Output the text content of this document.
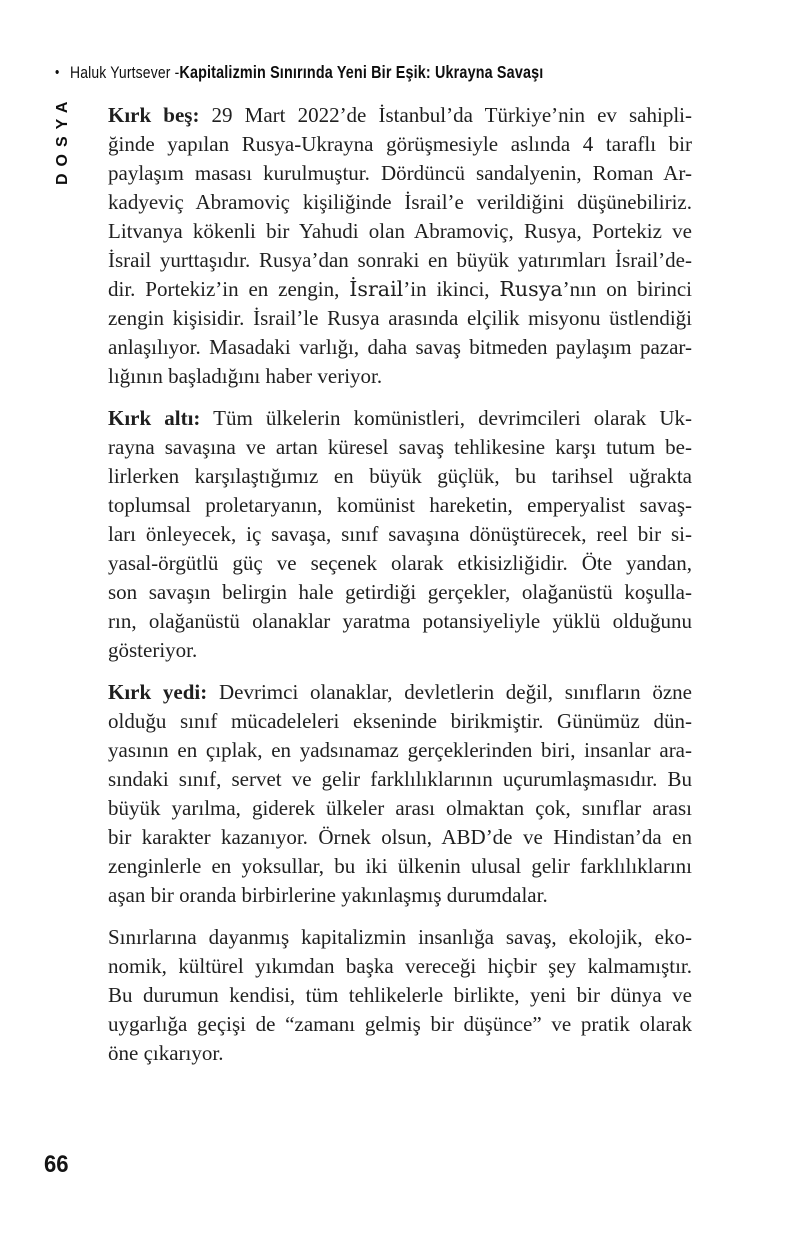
• Haluk Yurtsever - Kapitalizmin Sınırında Yeni Bir Eşik: Ukrayna Savaşı
DOSYA Kırk beş: 29 Mart 2022’de İstanbul’da Türkiye’nin ev sahipli-
ğinde yapılan Rusya-Ukrayna görüşmesiyle aslında 4 taraflı bir
paylaşım masası kurulmuştur. Dördüncü sandalyenin, Roman Ar-
kadyeviç Abramoviç kişiliğinde İsrail’e verildiğini düşünebiliriz.
Litvanya kökenli bir Yahudi olan Abramoviç, Rusya, Portekiz ve
İsrail yurttaşıdır. Rusya’dan sonraki en büyük yatırımları İsrail’de-
dir. Portekiz’in en zengin, İsrail’in ikinci, Rusya’nın on birinci
zengin kişisidir. İsrail’le Rusya arasında elçilik misyonu üstlendiği
anlaşılıyor. Masadaki varlığı, daha savaş bitmeden paylaşım pazar-
lığının başladığını haber veriyor.
Kırk altı: Tüm ülkelerin komünistleri, devrimcileri olarak Uk-
rayna savaşına ve artan küresel savaş tehlikesine karşı tutum be-
lirlerken karşılaştığımız en büyük güçlük, bu tarihsel uğrakta
toplumsal proletaryanın, komünist hareketin, emperyalist savaş-
ları önleyecek, iç savaşa, sınıf savaşına dönüştürecek, reel bir si-
yasal-örgütlü güç ve seçenek olarak etkisizliğidir. Öte yandan,
son savaşın belirgin hale getirdiği gerçekler, olağanüstü koşulla-
rın, olağanüstü olanaklar yaratma potansiyeliyle yüklü olduğunu
gösteriyor.
Kırk yedi: Devrimci olanaklar, devletlerin değil, sınıfların özne
olduğu sınıf mücadeleleri ekseninde birikmiştir. Günümüz dün-
yasının en çıplak, en yadsınamaz gerçeklerinden biri, insanlar ara-
sındaki sınıf, servet ve gelir farklılıklarının uçurumlaşmasıdır. Bu
büyük yarılma, giderek ülkeler arası olmaktan çok, sınıflar arası
bir karakter kazanıyor. Örnek olsun, ABD’de ve Hindistan’da en
zenginlerle en yoksullar, bu iki ülkenin ulusal gelir farklılıklarını
aşan bir oranda birbirlerine yakınlaşmış durumdalar.
Sınırlarına dayanmış kapitalizmin insanlığa savaş, ekolojik, eko-
nomik, kültürel yıkımdan başka vereceği hiçbir şey kalmamıştır.
Bu durumun kendisi, tüm tehlikelerle birlikte, yeni bir dünya ve
uygarlığa geçişi de “zamanı gelmiş bir düşünce” ve pratik olarak
öne çıkarıyor.
66
